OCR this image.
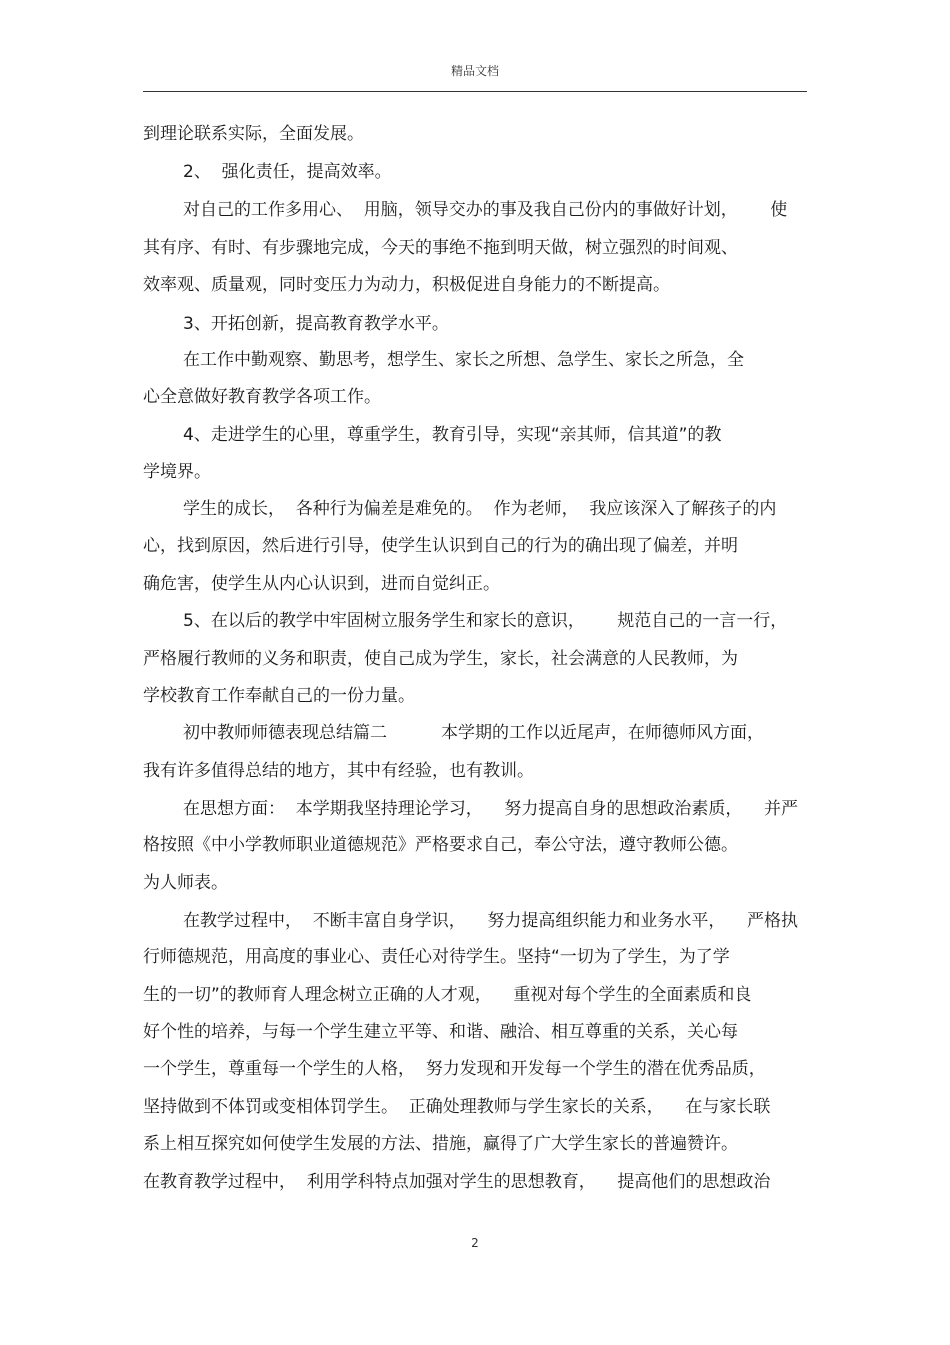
精品文档
到理论联系实际，全面发展。
2、  强化责任，提高效率。
对自己的工作多用心、  用脑，领导交办的事及我自己份内的事做好计划，      使
其有序、有时、有步骤地完成，今天的事绝不拖到明天做，树立强烈的时间观、
效率观、质量观，同时变压力为动力，积极促进自身能力的不断提高。
3、开拓创新，提高教育教学水平。
在工作中勤观察、勤思考，想学生、家长之所想、急学生、家长之所急，全
心全意做好教育教学各项工作。
4、走进学生的心里，尊重学生，教育引导，实现“亲其师，信其道”的教
学境界。
学生的成长，  各种行为偏差是难免的。  作为老师，  我应该深入了解孩子的内
心，找到原因，然后进行引导，使学生认识到自己的行为的确出现了偏差，并明
确危害，使学生从内心认识到，进而自觉纠正。
5、在以后的教学中牢固树立服务学生和家长的意识，      规范自己的一言一行，
严格履行教师的义务和职责，使自己成为学生，家长，社会满意的人民教师，为
学校教育工作奉献自己的一份力量。
初中教师师德表现总结篇二          本学期的工作以近尾声，在师德师风方面，
我有许多值得总结的地方，其中有经验，也有教训。
在思想方面：  本学期我坚持理论学习，    努力提高自身的思想政治素质，    并严
格按照《中小学教师职业道德规范》严格要求自己，奉公守法，遵守教师公德。
为人师表。
在教学过程中，  不断丰富自身学识，    努力提高组织能力和业务水平，    严格执
行师德规范，用高度的事业心、责任心对待学生。坚持“一切为了学生，为了学
生的一切”的教师育人理念树立正确的人才观，    重视对每个学生的全面素质和良
好个性的培养，与每一个学生建立平等、和谐、融洽、相互尊重的关系，关心每
一个学生，尊重每一个学生的人格，  努力发现和开发每一个学生的潜在优秀品质，
坚持做到不体罚或变相体罚学生。  正确处理教师与学生家长的关系，    在与家长联
系上相互探究如何使学生发展的方法、措施，赢得了广大学生家长的普遍赞许。
在教育教学过程中，  利用学科特点加强对学生的思想教育，    提高他们的思想政治
2
